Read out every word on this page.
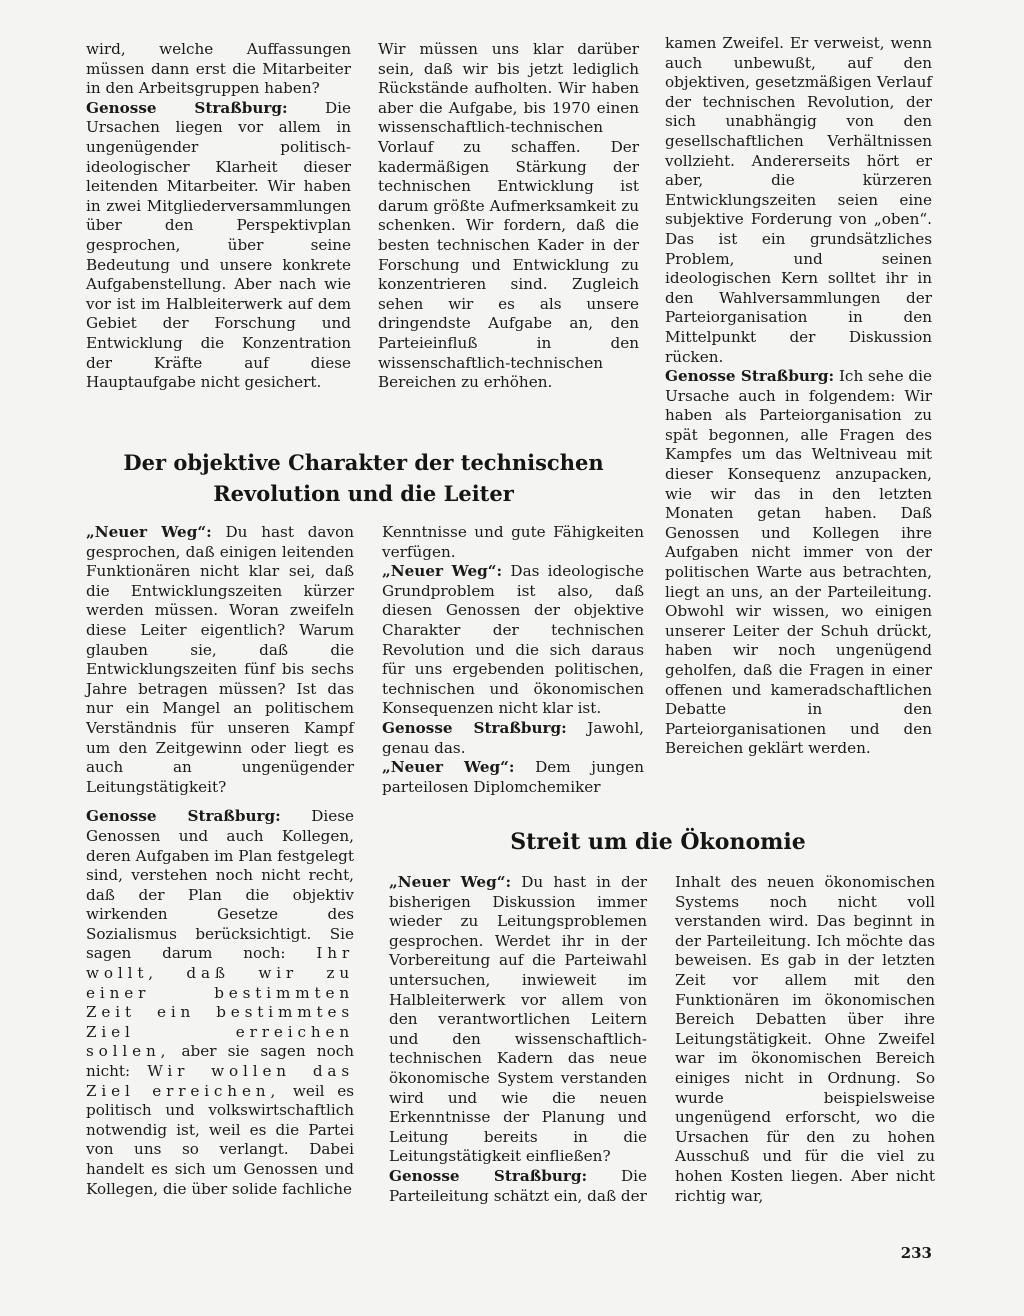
wird, welche Auffassungen müssen dann erst die Mitarbeiter in den Arbeitsgruppen haben?

Genosse Straßburg: Die Ursachen liegen vor allem in ungenügender politisch-ideologischer Klarheit dieser leitenden Mitarbeiter. Wir haben in zwei Mitgliederversammlungen über den Perspektivplan gesprochen, über seine Bedeutung und unsere konkrete Aufgabenstellung. Aber nach wie vor ist im Halbleiterwerk auf dem Gebiet der Forschung und Entwicklung die Konzentration der Kräfte auf diese Hauptaufgabe nicht gesichert.

Wir müssen uns klar darüber sein, daß wir bis jetzt lediglich Rückstände aufholten. Wir haben aber die Aufgabe, bis 1970 einen wissenschaftlich-technischen Vorlauf zu schaffen. Der kadermäßigen Stärkung der technischen Entwicklung ist darum größte Aufmerksamkeit zu schenken. Wir fordern, daß die besten technischen Kader in der Forschung und Entwicklung zu konzentrieren sind. Zugleich sehen wir es als unsere dringendste Aufgabe an, den Parteieinfluß in den wissenschaftlich-technischen Bereichen zu erhöhen.

kamen Zweifel. Er verweist, wenn auch unbewußt, auf den objektiven, gesetzmäßigen Verlauf der technischen Revolution, der sich unabhängig von den gesellschaftlichen Verhältnissen vollzieht. Andererseits hört er aber, die kürzeren Entwicklungszeiten seien eine subjektive Forderung von „oben“. Das ist ein grundsätzliches Problem, und seinen ideologischen Kern solltet ihr in den Wahlversammlungen der Parteiorganisation in den Mittelpunkt der Diskussion rücken.

Genosse Straßburg: Ich sehe die Ursache auch in folgendem: Wir haben als Parteiorganisation zu spät begonnen, alle Fragen des Kampfes um das Weltniveau mit dieser Konsequenz anzupacken, wie wir das in den letzten Monaten getan haben. Daß Genossen und Kollegen ihre Aufgaben nicht immer von der politischen Warte aus betrachten, liegt an uns, an der Parteileitung. Obwohl wir wissen, wo einigen unserer Leiter der Schuh drückt, haben wir noch ungenügend geholfen, daß die Fragen in einer offenen und kameradschaftlichen Debatte in den Parteiorganisationen und den Bereichen geklärt werden.

Der objektive Charakter der technischen
Revolution und die Leiter

„Neuer Weg“: Du hast davon gesprochen, daß einigen leitenden Funktionären nicht klar sei, daß die Entwicklungszeiten kürzer werden müssen. Woran zweifeln diese Leiter eigentlich? Warum glauben sie, daß die Entwicklungszeiten fünf bis sechs Jahre betragen müssen? Ist das nur ein Mangel an politischem Verständnis für unseren Kampf um den Zeitgewinn oder liegt es auch an ungenügender Leitungstätigkeit?

Genosse Straßburg: Diese Genossen und auch Kollegen, deren Aufgaben im Plan festgelegt sind, verstehen noch nicht recht, daß der Plan die objektiv wirkenden Gesetze des Sozialismus berücksichtigt. Sie sagen darum noch: Ihr wollt, daß wir zu einer bestimmten Zeit ein bestimmtes Ziel erreichen sollen, aber sie sagen noch nicht: Wir wollen das Ziel erreichen, weil es politisch und volkswirtschaftlich notwendig ist, weil es die Partei von uns so verlangt. Dabei handelt es sich um Genossen und Kollegen, die über solide fachliche

Kenntnisse und gute Fähigkeiten verfügen.

„Neuer Weg“: Das ideologische Grundproblem ist also, daß diesen Genossen der objektive Charakter der technischen Revolution und die sich daraus für uns ergebenden politischen, technischen und ökonomischen Konsequenzen nicht klar ist.

Genosse Straßburg: Jawohl, genau das.

„Neuer Weg“: Dem jungen parteilosen Diplomchemiker

Streit um die Ökonomie

„Neuer Weg“: Du hast in der bisherigen Diskussion immer wieder zu Leitungsproblemen gesprochen. Werdet ihr in der Vorbereitung auf die Parteiwahl untersuchen, inwieweit im Halbleiterwerk vor allem von den verantwortlichen Leitern und den wissenschaftlich-technischen Kadern das neue ökonomische System verstanden wird und wie die neuen Erkenntnisse der Planung und Leitung bereits in die Leitungstätigkeit einfließen?

Genosse Straßburg: Die Parteileitung schätzt ein, daß der

Inhalt des neuen ökonomischen Systems noch nicht voll verstanden wird. Das beginnt in der Parteileitung. Ich möchte das beweisen. Es gab in der letzten Zeit vor allem mit den Funktionären im ökonomischen Bereich Debatten über ihre Leitungstätigkeit. Ohne Zweifel war im ökonomischen Bereich einiges nicht in Ordnung. So wurde beispielsweise ungenügend erforscht, wo die Ursachen für den zu hohen Ausschuß und für die viel zu hohen Kosten liegen. Aber nicht richtig war,

233
